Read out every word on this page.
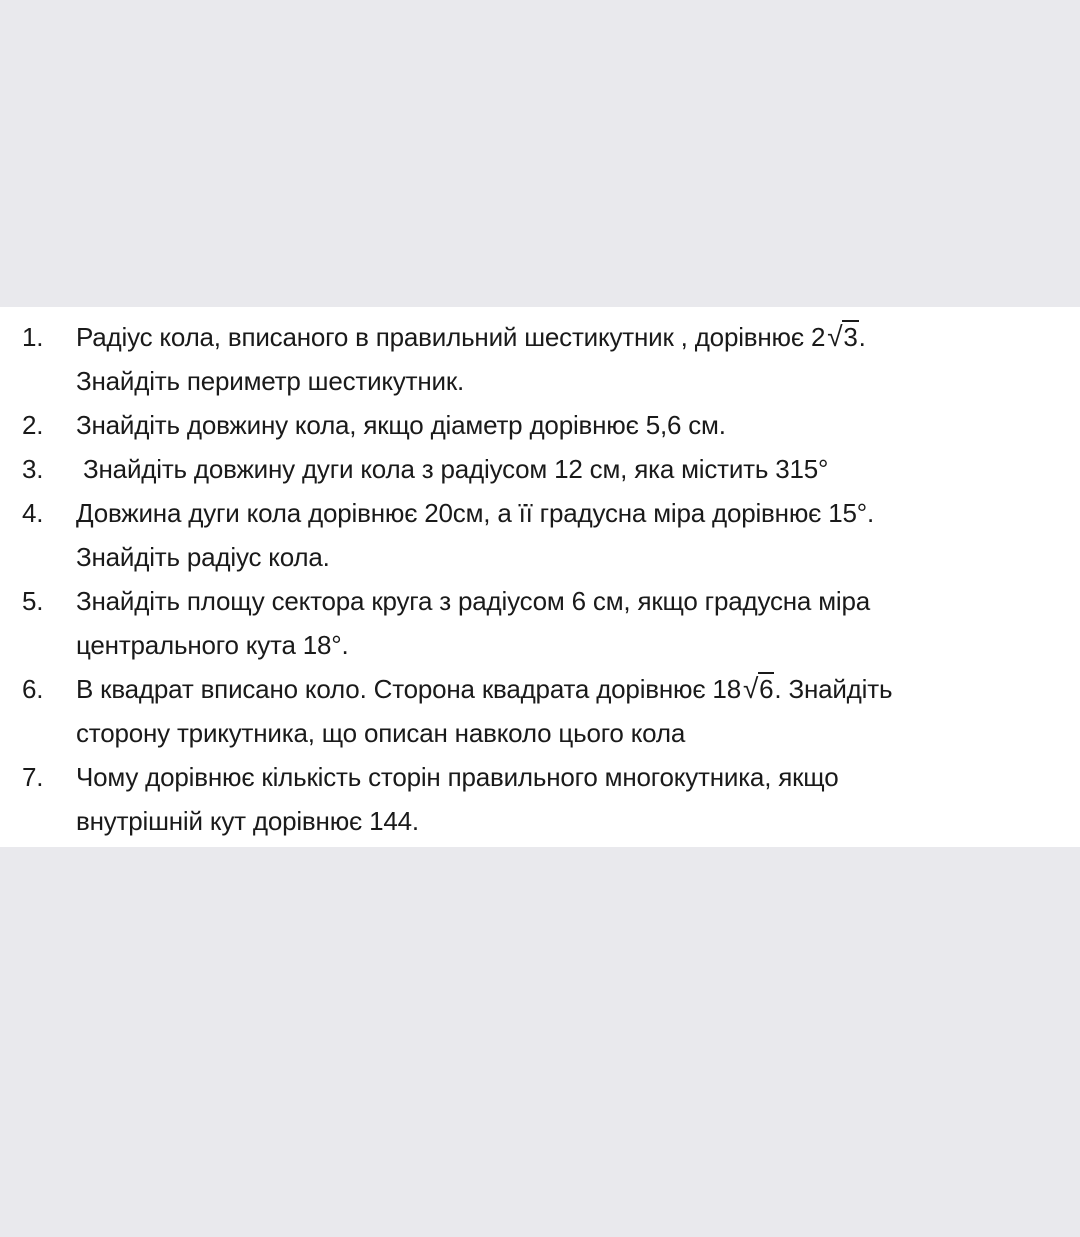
1.	Радіус кола, вписаного в правильний шестикутник , дорівнює 2√3.
Знайдіть периметр шестикутник.
2.	Знайдіть довжину кола, якщо діаметр дорівнює 5,6 см.
3.	Знайдіть довжину дуги кола з радіусом 12 см, яка містить 315°
4.	Довжина дуги кола дорівнює 20см, а її градусна міра дорівнює 15°.
Знайдіть радіус кола.
5.	Знайдіть площу сектора круга з радіусом 6 см, якщо градусна міра
центрального кута 18°.
6.	В квадрат вписано коло. Сторона квадрата дорівнює 18√6. Знайдіть
сторону трикутника, що описан навколо цього кола
7.	Чому дорівнює кількість сторін правильного многокутника, якщо
внутрішній кут дорівнює 144.
